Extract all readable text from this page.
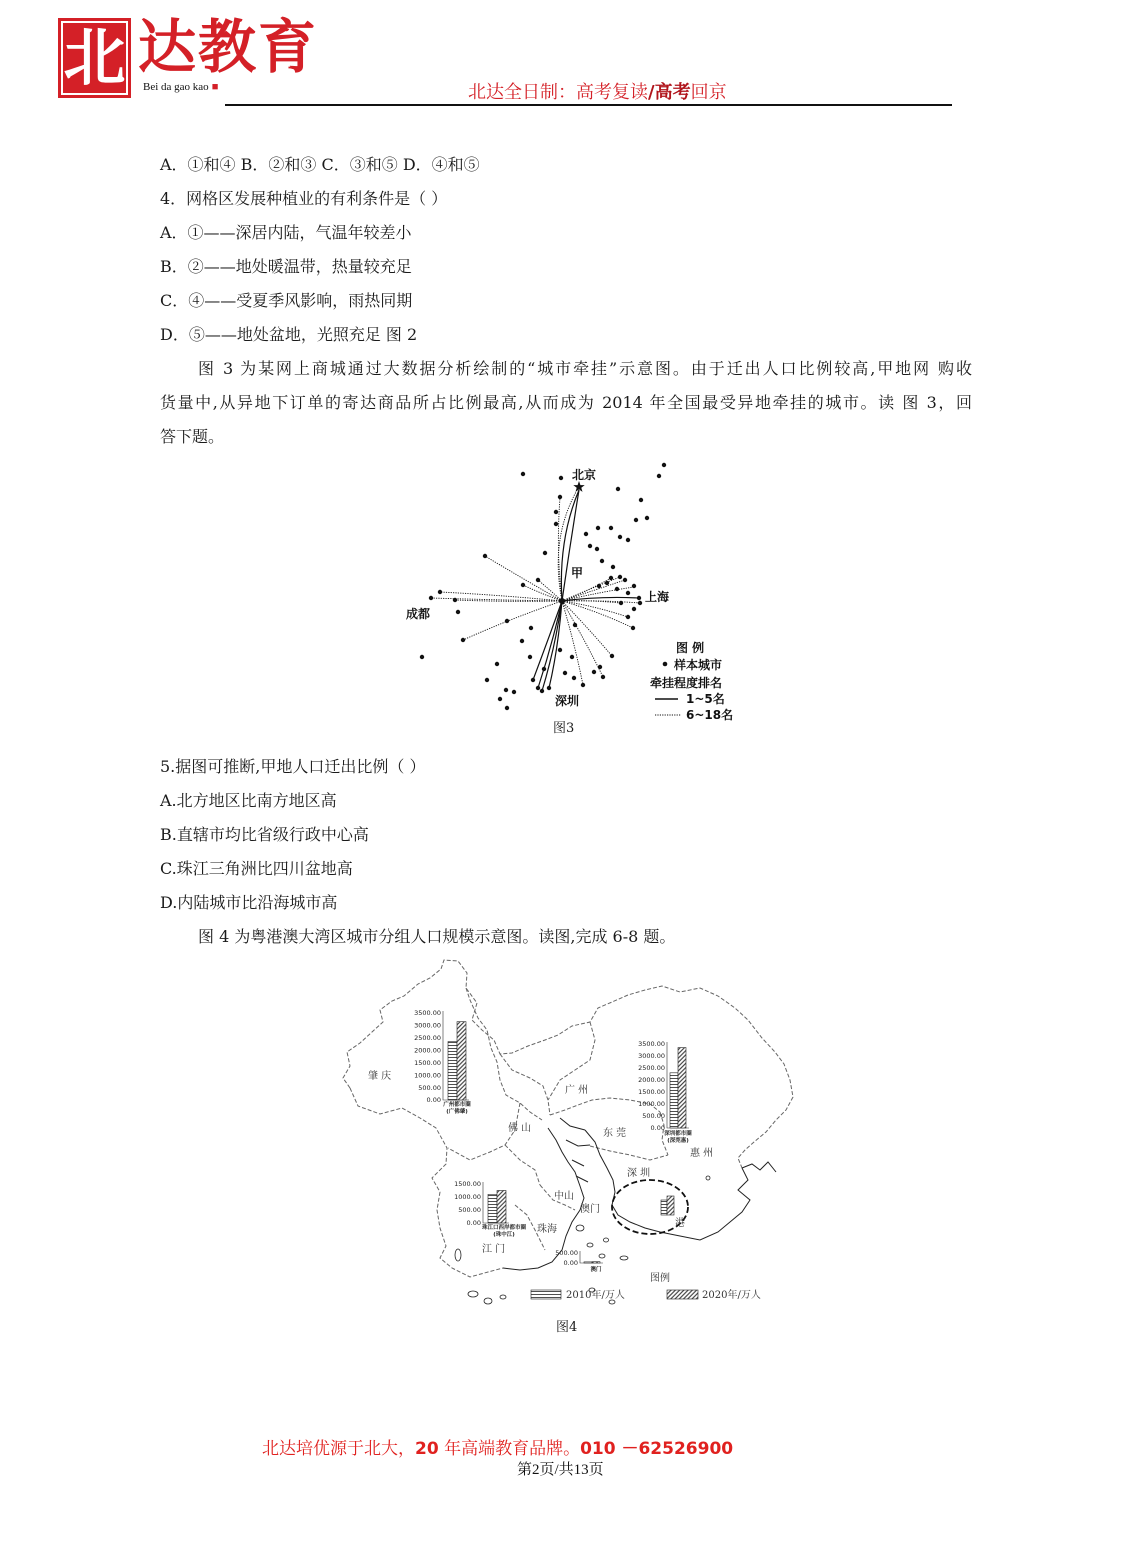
北 达教育
Bei da gao kao ■	北达全日制：高考复读/高考回京
A．①和④ B．②和③ C．③和⑤ D．④和⑤
4．网格区发展种植业的有利条件是（ ）
A．①——深居内陆，气温年较差小
B．②——地处暖温带，热量较充足
C．④——受夏季风影响，雨热同期
D．⑤——地处盆地，光照充足 图 2
图 3 为某网上商城通过大数据分析绘制的“城市牵挂”示意图。由于迁出人口比例较高,甲地网 购收
货量中,从异地下订单的寄达商品所占比例最高,从而成为 2014 年全国最受异地牵挂的城市。读 图 3，回
答下题。
北京
甲
上海
成都
深圳
图 例
样本城市
牵挂程度排名
1~5名
6~18名
图3
5.据图可推断,甲地人口迁出比例（ ）
A.北方地区比南方地区高
B.直辖市均比省级行政中心高
C.珠江三角洲比四川盆地高
D.内陆城市比沿海城市高
图 4 为粤港澳大湾区城市分组人口规模示意图。读图,完成 6-8 题。
肇 庆
广 州
佛 山	东 莞
惠 州
深 圳
中山
澳门
珠海
江 门
港
3500.00
3000.00
2500.00
2000.00
1500.00
1000.00
500.00
0.00
广州都市圈
(广佛肇)
3500.00
3000.00
2500.00
2000.00
1500.00
1000.00
500.00
0.00
深圳都市圈
(深莞惠)
1500.00
1000.00
500.00
0.00
珠江口西岸都市圈
(珠中江)
500.00
0.00
澳门
图例
2010年/万人	2020年/万人
图4
北达培优源于北大，20 年高端教育品牌。010 －62526900
第2页/共13页
